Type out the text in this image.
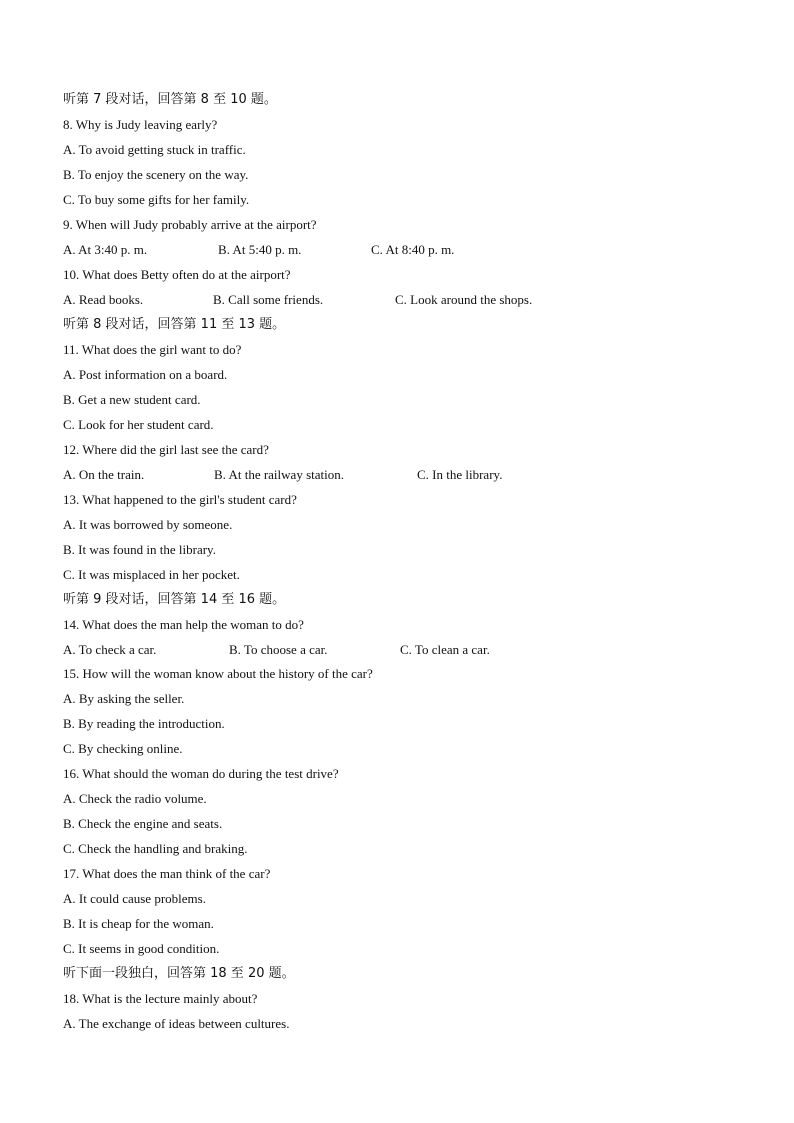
听第 7 段对话，回答第 8 至 10 题。
8. Why is Judy leaving early?
A. To avoid getting stuck in traffic.
B. To enjoy the scenery on the way.
C. To buy some gifts for her family.
9. When will Judy probably arrive at the airport?
A. At 3:40 p. m.	B. At 5:40 p. m.	C. At 8:40 p. m.
10. What does Betty often do at the airport?
A. Read books.	B. Call some friends.	C. Look around the shops.
听第 8 段对话，回答第 11 至 13 题。
11. What does the girl want to do?
A. Post information on a board.
B. Get a new student card.
C. Look for her student card.
12. Where did the girl last see the card?
A. On the train.	B. At the railway station.	C. In the library.
13. What happened to the girl's student card?
A. It was borrowed by someone.
B. It was found in the library.
C. It was misplaced in her pocket.
听第 9 段对话，回答第 14 至 16 题。
14. What does the man help the woman to do?
A. To check a car.	B. To choose a car.	C. To clean a car.
15. How will the woman know about the history of the car?
A. By asking the seller.
B. By reading the introduction.
C. By checking online.
16. What should the woman do during the test drive?
A. Check the radio volume.
B. Check the engine and seats.
C. Check the handling and braking.
17. What does the man think of the car?
A. It could cause problems.
B. It is cheap for the woman.
C. It seems in good condition.
听下面一段独白，回答第 18 至 20 题。
18. What is the lecture mainly about?
A. The exchange of ideas between cultures.
